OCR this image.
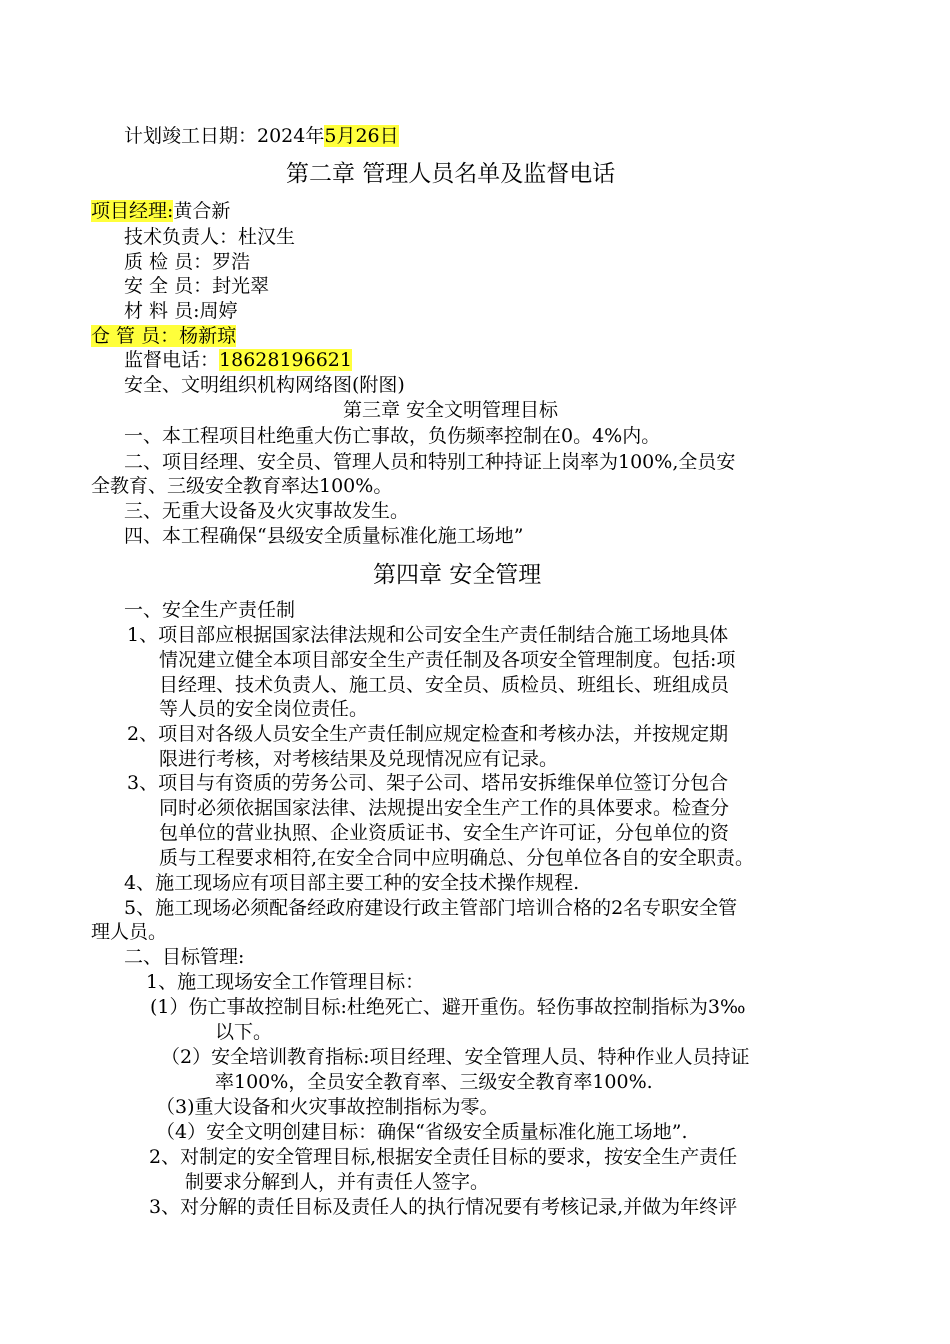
计划竣工日期：2024年5月26日
第二章 管理人员名单及监督电话
项目经理:黄合新
技术负责人：杜汉生
质 检 员：罗浩
安 全 员：封光翠
材 料 员:周婷
仓 管 员：杨新琼
监督电话：18628196621
安全、文明组织机构网络图(附图)
第三章 安全文明管理目标
一、本工程项目杜绝重大伤亡事故，负伤频率控制在0。4%内。
二、项目经理、安全员、管理人员和特别工种持证上岗率为100%,全员安
全教育、三级安全教育率达100%。
三、无重大设备及火灾事故发生。
四、本工程确保“县级安全质量标准化施工场地”
第四章 安全管理
一、安全生产责任制
1、项目部应根据国家法律法规和公司安全生产责任制结合施工场地具体
情况建立健全本项目部安全生产责任制及各项安全管理制度。包括:项
目经理、技术负责人、施工员、安全员、质检员、班组长、班组成员
等人员的安全岗位责任。
2、项目对各级人员安全生产责任制应规定检查和考核办法，并按规定期
限进行考核，对考核结果及兑现情况应有记录。
3、项目与有资质的劳务公司、架子公司、塔吊安拆维保单位签订分包合
同时必须依据国家法律、法规提出安全生产工作的具体要求。检查分
包单位的营业执照、企业资质证书、安全生产许可证，分包单位的资
质与工程要求相符,在安全合同中应明确总、分包单位各自的安全职责。
4、施工现场应有项目部主要工种的安全技术操作规程.
5、施工现场必须配备经政府建设行政主管部门培训合格的2名专职安全管
理人员。
二、目标管理:
1、施工现场安全工作管理目标：
(1）伤亡事故控制目标:杜绝死亡、避开重伤。轻伤事故控制指标为3‰
以下。
（2）安全培训教育指标:项目经理、安全管理人员、特种作业人员持证
率100%，全员安全教育率、三级安全教育率100%.
（3)重大设备和火灾事故控制指标为零。
（4）安全文明创建目标：确保“省级安全质量标准化施工场地”.
2、对制定的安全管理目标,根据安全责任目标的要求，按安全生产责任
制要求分解到人，并有责任人签字。
3、对分解的责任目标及责任人的执行情况要有考核记录,并做为年终评
